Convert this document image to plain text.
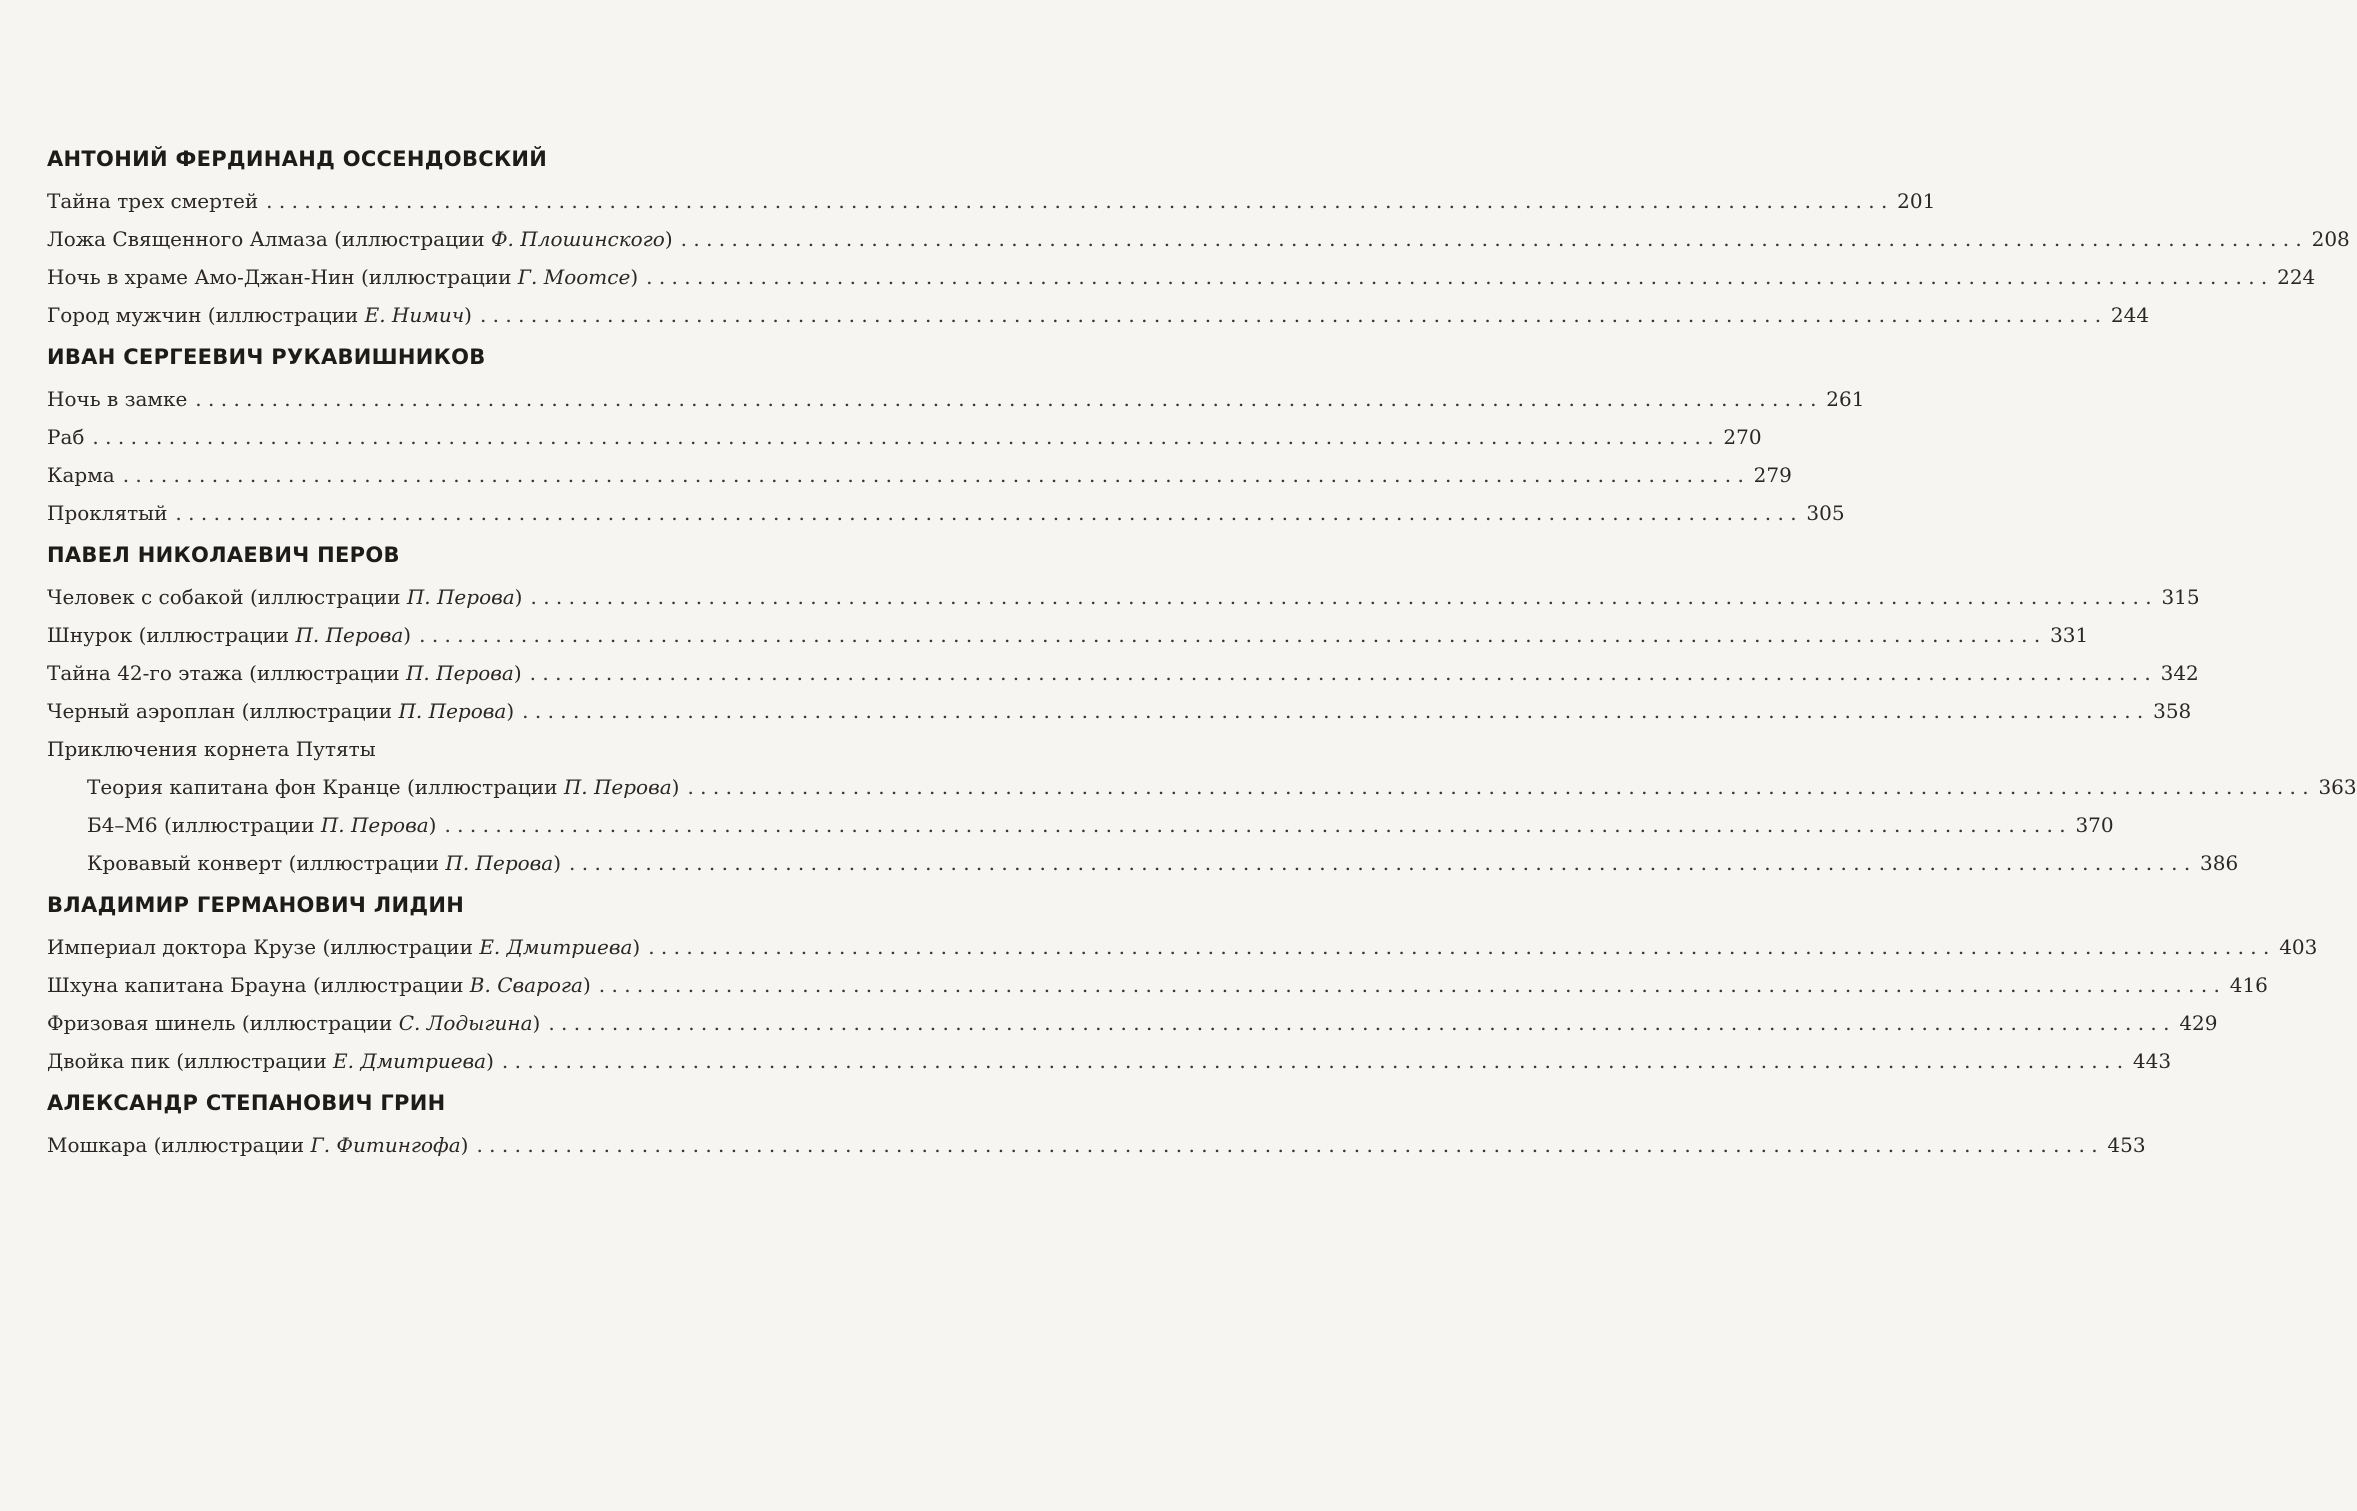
АНТОНИЙ ФЕРДИНАНД ОССЕНДОВСКИЙ
Тайна трех смертей . . .	201
Ложа Священного Алмаза (иллюстрации Ф. Плошинского) . . .	208
Ночь в храме Амо-Джан-Нин (иллюстрации Г. Моотсе) . . .	224
Город мужчин (иллюстрации Е. Нимич) . . .	244
ИВАН СЕРГЕЕВИЧ РУКАВИШНИКОВ
Ночь в замке . . .	261
Раб . . .	270
Карма . . .	279
Проклятый . . .	305
ПАВЕЛ НИКОЛАЕВИЧ ПЕРОВ
Человек с собакой (иллюстрации П. Перова) . . .	315
Шнурок (иллюстрации П. Перова) . . .	331
Тайна 42-го этажа (иллюстрации П. Перова) . . .	342
Черный аэроплан (иллюстрации П. Перова) . . .	358
Приключения корнета Путяты
Теория капитана фон Кранце (иллюстрации П. Перова) . . .	363
Б4–М6 (иллюстрации П. Перова) . . .	370
Кровавый конверт (иллюстрации П. Перова) . . .	386
ВЛАДИМИР ГЕРМАНОВИЧ ЛИДИН
Империал доктора Крузе (иллюстрации Е. Дмитриева) . . .	403
Шхуна капитана Брауна (иллюстрации В. Сварога) . . .	416
Фризовая шинель (иллюстрации С. Лодыгина) . . .	429
Двойка пик (иллюстрации Е. Дмитриева) . . .	443
АЛЕКСАНДР СТЕПАНОВИЧ ГРИН
Мошкара (иллюстрации Г. Фитингофа) . . .	453
